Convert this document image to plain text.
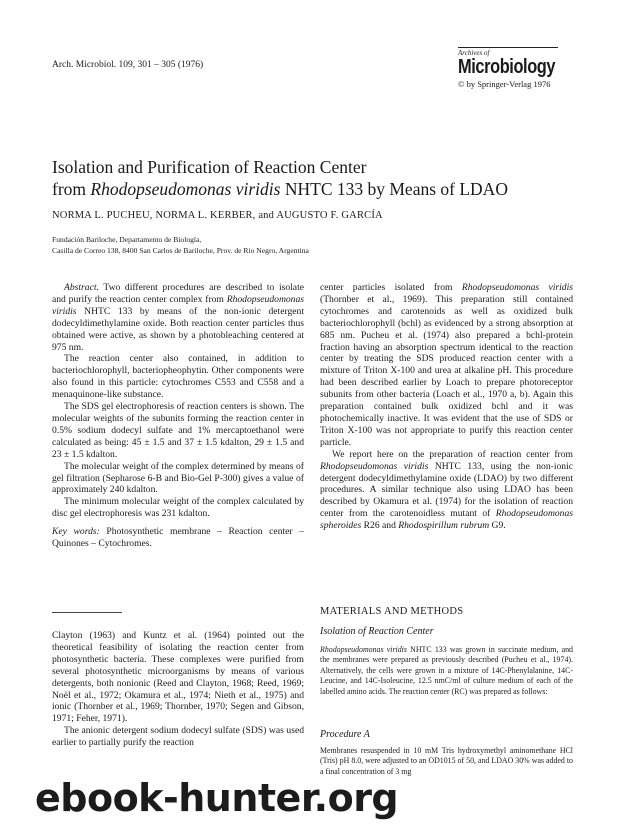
Arch. Microbiol. 109, 301 – 305 (1976)
Archives of
Microbiology
© by Springer-Verlag 1976
Isolation and Purification of Reaction Center
from Rhodopseudomonas viridis NHTC 133 by Means of LDAO
NORMA L. PUCHEU, NORMA L. KERBER, and AUGUSTO F. GARCÍA
Fundación Bariloche, Departamento de Biología,
Casilla de Correo 138, 8400 San Carlos de Bariloche, Prov. de Rio Negro, Argentina

Abstract. Two different procedures are described to isolate and purify the reaction center complex from Rhodopseudomonas viridis NHTC 133 by means of the non-ionic detergent dodecyldimethylamine oxide. Both reaction center particles thus obtained were active, as shown by a photobleaching centered at 975 nm.

The reaction center also contained, in addition to bacteriochlorophyll, bacteriopheophytin. Other components were also found in this particle: cytochromes C553 and C558 and a menaquinone-like substance.

The SDS gel electrophoresis of reaction centers is shown. The molecular weights of the subunits forming the reaction center in 0.5% sodium dodecyl sulfate and 1% mercaptoethanol were calculated as being: 45 ± 1.5 and 37 ± 1.5 kdalton, 29 ± 1.5 and 23 ± 1.5 kdalton.

The molecular weight of the complex determined by means of gel filtration (Sepharose 6-B and Bio-Gel P-300) gives a value of approximately 240 kdalton.

The minimum molecular weight of the complex calculated by disc gel electrophoresis was 231 kdalton.

Key words: Photosynthetic membrane – Reaction center – Quinones – Cytochromes.

Clayton (1963) and Kuntz et al. (1964) pointed out the theoretical feasibility of isolating the reaction center from photosynthetic bacteria. These complexes were purified from several photosynthetic microorganisms by means of various detergents, both nonionic (Reed and Clayton, 1968; Reed, 1969; Noël et al., 1972; Okamura et al., 1974; Nieth et al., 1975) and ionic (Thornber et al., 1969; Thornber, 1970; Segen and Gibson, 1971; Feher, 1971).

The anionic detergent sodium dodecyl sulfate (SDS) was used earlier to partially purify the reaction

center particles isolated from Rhodopseudomonas viridis (Thornber et al., 1969). This preparation still contained cytochromes and carotenoids as well as oxidized bulk bacteriochlorophyll (bchl) as evidenced by a strong absorption at 685 nm. Pucheu et al. (1974) also prepared a bchl-protein fraction having an absorption spectrum identical to the reaction center by treating the SDS produced reaction center with a mixture of Triton X-100 and urea at alkaline pH. This procedure had been described earlier by Loach to prepare photoreceptor subunits from other bacteria (Loach et al., 1970 a, b). Again this preparation contained bulk oxidized bchl and it was photochemically inactive. It was evident that the use of SDS or Triton X-100 was not appropriate to purify this reaction center particle.

We report here on the preparation of reaction center from Rhodopseudomonas viridis NHTC 133, using the non-ionic detergent dodecyldimethylamine oxide (LDAO) by two different procedures. A similar technique also using LDAO has been described by Okamura et al. (1974) for the isolation of reaction center from the carotenoidless mutant of Rhodopseudomonas spheroides R26 and Rhodospirillum rubrum G9.

MATERIALS AND METHODS
Isolation of Reaction Center

Rhodopseudomonas viridis NHTC 133 was grown in succinate medium, and the membranes were prepared as previously described (Pucheu et al., 1974). Alternatively, the cells were grown in a mixture of 14C-Phenylalanine, 14C-Leucine, and 14C-Isoleucine, 12.5 nmC/ml of culture medium of each of the labelled amino acids. The reaction center (RC) was prepared as follows:

Procedure A

Membranes resuspended in 10 mM Tris hydroxymethyl aminomethane HCl (Tris) pH 8.0, were adjusted to an OD1015 of 50, and LDAO 30% was added to a final concentration of 3 mg

ebook-hunter.org
